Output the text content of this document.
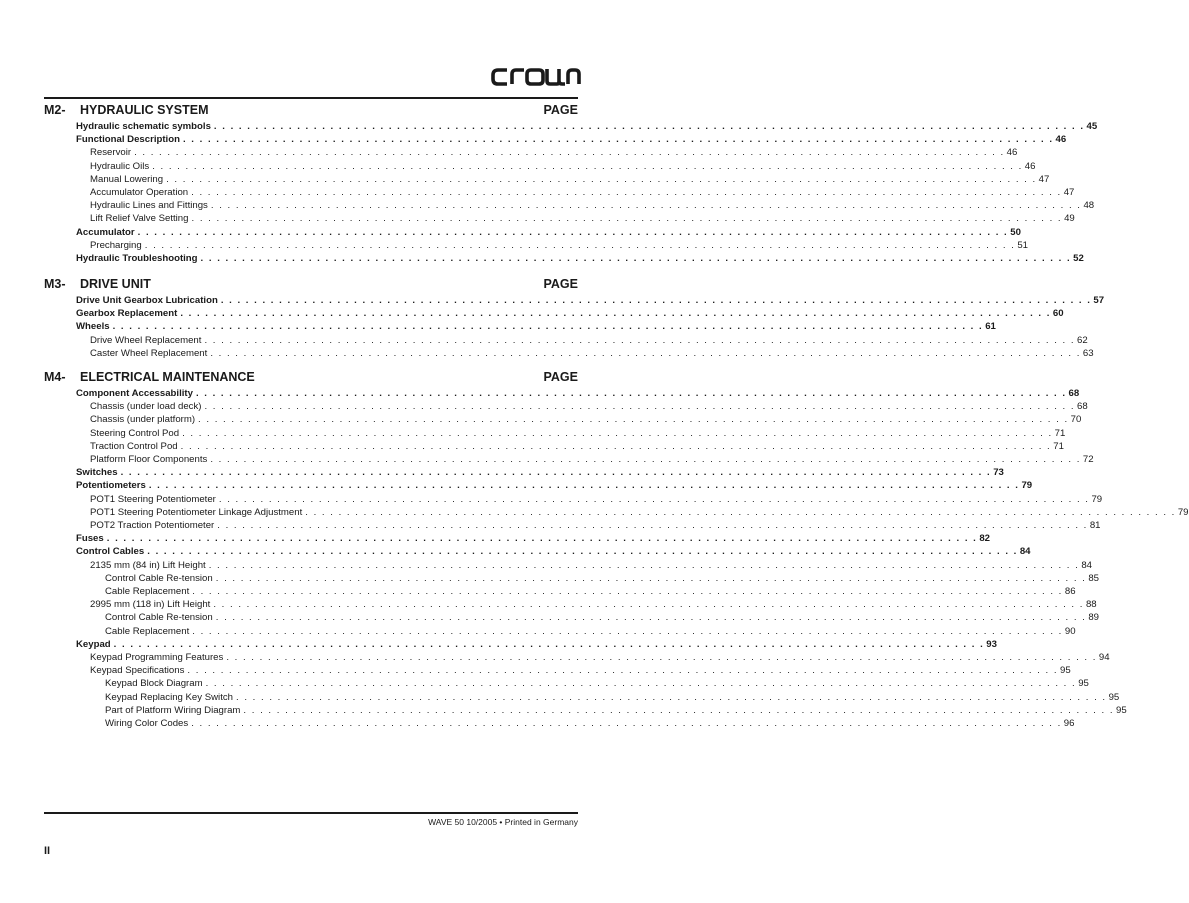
M2- HYDRAULIC SYSTEM	PAGE
Hydraulic schematic symbols . . . . . . . . . . . . . . . . . . . . . . . . . . . . . . . . . . . . . . . . . . . . . . . . . . . . . . . . . . . . . . . . . . . . . . . . . . . . . . . . . . . . . . . . . . . . . . . . . . . . . . . . . 45
Functional Description . . . . . . . . . . . . . . . . . . . . . . . . . . . . . . . . . . . . . . . . . . . . . . . . . . . . . . . . . . . . . . . . . . . . . . . . . . . . . . . . . . . . . . . . . . . . . . . . . . . . . . . . . 46
Reservoir . . . . . . . . . . . . . . . . . . . . . . . . . . . . . . . . . . . . . . . . . . . . . . . . . . . . . . . . . . . . . . . . . . . . . . . . . . . . . . . . . . . . . . . . . . . . . . . . . . . . . . . . . 46
Hydraulic Oils . . . . . . . . . . . . . . . . . . . . . . . . . . . . . . . . . . . . . . . . . . . . . . . . . . . . . . . . . . . . . . . . . . . . . . . . . . . . . . . . . . . . . . . . . . . . . . . . . . . . . . . . . 46
Manual Lowering . . . . . . . . . . . . . . . . . . . . . . . . . . . . . . . . . . . . . . . . . . . . . . . . . . . . . . . . . . . . . . . . . . . . . . . . . . . . . . . . . . . . . . . . . . . . . . . . . . . . . . . . . 47
Accumulator Operation . . . . . . . . . . . . . . . . . . . . . . . . . . . . . . . . . . . . . . . . . . . . . . . . . . . . . . . . . . . . . . . . . . . . . . . . . . . . . . . . . . . . . . . . . . . . . . . . . . . . . . . . . 47
Hydraulic Lines and Fittings . . . . . . . . . . . . . . . . . . . . . . . . . . . . . . . . . . . . . . . . . . . . . . . . . . . . . . . . . . . . . . . . . . . . . . . . . . . . . . . . . . . . . . . . . . . . . . . . . . . . . . . . . 48
Lift Relief Valve Setting . . . . . . . . . . . . . . . . . . . . . . . . . . . . . . . . . . . . . . . . . . . . . . . . . . . . . . . . . . . . . . . . . . . . . . . . . . . . . . . . . . . . . . . . . . . . . . . . . . . . . . . . . 49
Accumulator . . . . . . . . . . . . . . . . . . . . . . . . . . . . . . . . . . . . . . . . . . . . . . . . . . . . . . . . . . . . . . . . . . . . . . . . . . . . . . . . . . . . . . . . . . . . . . . . . . . . . . . . . 50
Precharging . . . . . . . . . . . . . . . . . . . . . . . . . . . . . . . . . . . . . . . . . . . . . . . . . . . . . . . . . . . . . . . . . . . . . . . . . . . . . . . . . . . . . . . . . . . . . . . . . . . . . . . . . 51
Hydraulic Troubleshooting . . . . . . . . . . . . . . . . . . . . . . . . . . . . . . . . . . . . . . . . . . . . . . . . . . . . . . . . . . . . . . . . . . . . . . . . . . . . . . . . . . . . . . . . . . . . . . . . . . . . . . . . . 52
M3- DRIVE UNIT	PAGE
Drive Unit Gearbox Lubrication . . . . . . . . . . . . . . . . . . . . . . . . . . . . . . . . . . . . . . . . . . . . . . . . . . . . . . . . . . . . . . . . . . . . . . . . . . . . . . . . . . . . . . . . . . . . . . . . . . . . . . . . . 57
Gearbox Replacement . . . . . . . . . . . . . . . . . . . . . . . . . . . . . . . . . . . . . . . . . . . . . . . . . . . . . . . . . . . . . . . . . . . . . . . . . . . . . . . . . . . . . . . . . . . . . . . . . . . . . . . . . 60
Wheels . . . . . . . . . . . . . . . . . . . . . . . . . . . . . . . . . . . . . . . . . . . . . . . . . . . . . . . . . . . . . . . . . . . . . . . . . . . . . . . . . . . . . . . . . . . . . . . . . . . . . . . . . 61
Drive Wheel Replacement . . . . . . . . . . . . . . . . . . . . . . . . . . . . . . . . . . . . . . . . . . . . . . . . . . . . . . . . . . . . . . . . . . . . . . . . . . . . . . . . . . . . . . . . . . . . . . . . . . . . . . . . . 62
Caster Wheel Replacement . . . . . . . . . . . . . . . . . . . . . . . . . . . . . . . . . . . . . . . . . . . . . . . . . . . . . . . . . . . . . . . . . . . . . . . . . . . . . . . . . . . . . . . . . . . . . . . . . . . . . . . . . 63
M4- ELECTRICAL MAINTENANCE	PAGE
Component Accessability . . . . . . . . . . . . . . . . . . . . . . . . . . . . . . . . . . . . . . . . . . . . . . . . . . . . . . . . . . . . . . . . . . . . . . . . . . . . . . . . . . . . . . . . . . . . . . . . . . . . . . . . . 68
Chassis (under load deck) . . . . . . . . . . . . . . . . . . . . . . . . . . . . . . . . . . . . . . . . . . . . . . . . . . . . . . . . . . . . . . . . . . . . . . . . . . . . . . . . . . . . . . . . . . . . . . . . . . . . . . . . . 68
Chassis (under platform) . . . . . . . . . . . . . . . . . . . . . . . . . . . . . . . . . . . . . . . . . . . . . . . . . . . . . . . . . . . . . . . . . . . . . . . . . . . . . . . . . . . . . . . . . . . . . . . . . . . . . . . . . 70
Steering Control Pod . . . . . . . . . . . . . . . . . . . . . . . . . . . . . . . . . . . . . . . . . . . . . . . . . . . . . . . . . . . . . . . . . . . . . . . . . . . . . . . . . . . . . . . . . . . . . . . . . . . . . . . . . 71
Traction Control Pod . . . . . . . . . . . . . . . . . . . . . . . . . . . . . . . . . . . . . . . . . . . . . . . . . . . . . . . . . . . . . . . . . . . . . . . . . . . . . . . . . . . . . . . . . . . . . . . . . . . . . . . . . 71
Platform Floor Components . . . . . . . . . . . . . . . . . . . . . . . . . . . . . . . . . . . . . . . . . . . . . . . . . . . . . . . . . . . . . . . . . . . . . . . . . . . . . . . . . . . . . . . . . . . . . . . . . . . . . . . . . 72
Switches . . . . . . . . . . . . . . . . . . . . . . . . . . . . . . . . . . . . . . . . . . . . . . . . . . . . . . . . . . . . . . . . . . . . . . . . . . . . . . . . . . . . . . . . . . . . . . . . . . . . . . . . . 73
Potentiometers . . . . . . . . . . . . . . . . . . . . . . . . . . . . . . . . . . . . . . . . . . . . . . . . . . . . . . . . . . . . . . . . . . . . . . . . . . . . . . . . . . . . . . . . . . . . . . . . . . . . . . . . . 79
POT1 Steering Potentiometer . . . . . . . . . . . . . . . . . . . . . . . . . . . . . . . . . . . . . . . . . . . . . . . . . . . . . . . . . . . . . . . . . . . . . . . . . . . . . . . . . . . . . . . . . . . . . . . . . . . . . . . . . 79
POT1 Steering Potentiometer Linkage Adjustment . . . . . . . . . . . . . . . . . . . . . . . . . . . . . . . . . . . . . . . . . . . . . . . . . . . . . . . . . . . . . . . . . . . . . . . . . . . . . . . . . . . . . . . . . . . . . . . . . . . . . . . . . 79
POT2 Traction Potentiometer . . . . . . . . . . . . . . . . . . . . . . . . . . . . . . . . . . . . . . . . . . . . . . . . . . . . . . . . . . . . . . . . . . . . . . . . . . . . . . . . . . . . . . . . . . . . . . . . . . . . . . . . . 81
Fuses . . . . . . . . . . . . . . . . . . . . . . . . . . . . . . . . . . . . . . . . . . . . . . . . . . . . . . . . . . . . . . . . . . . . . . . . . . . . . . . . . . . . . . . . . . . . . . . . . . . . . . . . . 82
Control Cables . . . . . . . . . . . . . . . . . . . . . . . . . . . . . . . . . . . . . . . . . . . . . . . . . . . . . . . . . . . . . . . . . . . . . . . . . . . . . . . . . . . . . . . . . . . . . . . . . . . . . . . . . 84
2135 mm (84 in) Lift Height . . . . . . . . . . . . . . . . . . . . . . . . . . . . . . . . . . . . . . . . . . . . . . . . . . . . . . . . . . . . . . . . . . . . . . . . . . . . . . . . . . . . . . . . . . . . . . . . . . . . . . . . . 84
Control Cable Re-tension . . . . . . . . . . . . . . . . . . . . . . . . . . . . . . . . . . . . . . . . . . . . . . . . . . . . . . . . . . . . . . . . . . . . . . . . . . . . . . . . . . . . . . . . . . . . . . . . . . . . . . . . . 85
Cable Replacement . . . . . . . . . . . . . . . . . . . . . . . . . . . . . . . . . . . . . . . . . . . . . . . . . . . . . . . . . . . . . . . . . . . . . . . . . . . . . . . . . . . . . . . . . . . . . . . . . . . . . . . . . 86
2995 mm (118 in) Lift Height . . . . . . . . . . . . . . . . . . . . . . . . . . . . . . . . . . . . . . . . . . . . . . . . . . . . . . . . . . . . . . . . . . . . . . . . . . . . . . . . . . . . . . . . . . . . . . . . . . . . . . . . . 88
Control Cable Re-tension . . . . . . . . . . . . . . . . . . . . . . . . . . . . . . . . . . . . . . . . . . . . . . . . . . . . . . . . . . . . . . . . . . . . . . . . . . . . . . . . . . . . . . . . . . . . . . . . . . . . . . . . . 89
Cable Replacement . . . . . . . . . . . . . . . . . . . . . . . . . . . . . . . . . . . . . . . . . . . . . . . . . . . . . . . . . . . . . . . . . . . . . . . . . . . . . . . . . . . . . . . . . . . . . . . . . . . . . . . . . 90
Keypad . . . . . . . . . . . . . . . . . . . . . . . . . . . . . . . . . . . . . . . . . . . . . . . . . . . . . . . . . . . . . . . . . . . . . . . . . . . . . . . . . . . . . . . . . . . . . . . . . . . . . . . . . 93
Keypad Programming Features . . . . . . . . . . . . . . . . . . . . . . . . . . . . . . . . . . . . . . . . . . . . . . . . . . . . . . . . . . . . . . . . . . . . . . . . . . . . . . . . . . . . . . . . . . . . . . . . . . . . . . . . . 94
Keypad Specifications . . . . . . . . . . . . . . . . . . . . . . . . . . . . . . . . . . . . . . . . . . . . . . . . . . . . . . . . . . . . . . . . . . . . . . . . . . . . . . . . . . . . . . . . . . . . . . . . . . . . . . . . . 95
Keypad Block Diagram . . . . . . . . . . . . . . . . . . . . . . . . . . . . . . . . . . . . . . . . . . . . . . . . . . . . . . . . . . . . . . . . . . . . . . . . . . . . . . . . . . . . . . . . . . . . . . . . . . . . . . . . . 95
Keypad Replacing Key Switch . . . . . . . . . . . . . . . . . . . . . . . . . . . . . . . . . . . . . . . . . . . . . . . . . . . . . . . . . . . . . . . . . . . . . . . . . . . . . . . . . . . . . . . . . . . . . . . . . . . . . . . . . 95
Part of Platform Wiring Diagram . . . . . . . . . . . . . . . . . . . . . . . . . . . . . . . . . . . . . . . . . . . . . . . . . . . . . . . . . . . . . . . . . . . . . . . . . . . . . . . . . . . . . . . . . . . . . . . . . . . . . . . . . 95
Wiring Color Codes . . . . . . . . . . . . . . . . . . . . . . . . . . . . . . . . . . . . . . . . . . . . . . . . . . . . . . . . . . . . . . . . . . . . . . . . . . . . . . . . . . . . . . . . . . . . . . . . . . . . . . . . . 96
WAVE 50 10/2005 • Printed in Germany
II
